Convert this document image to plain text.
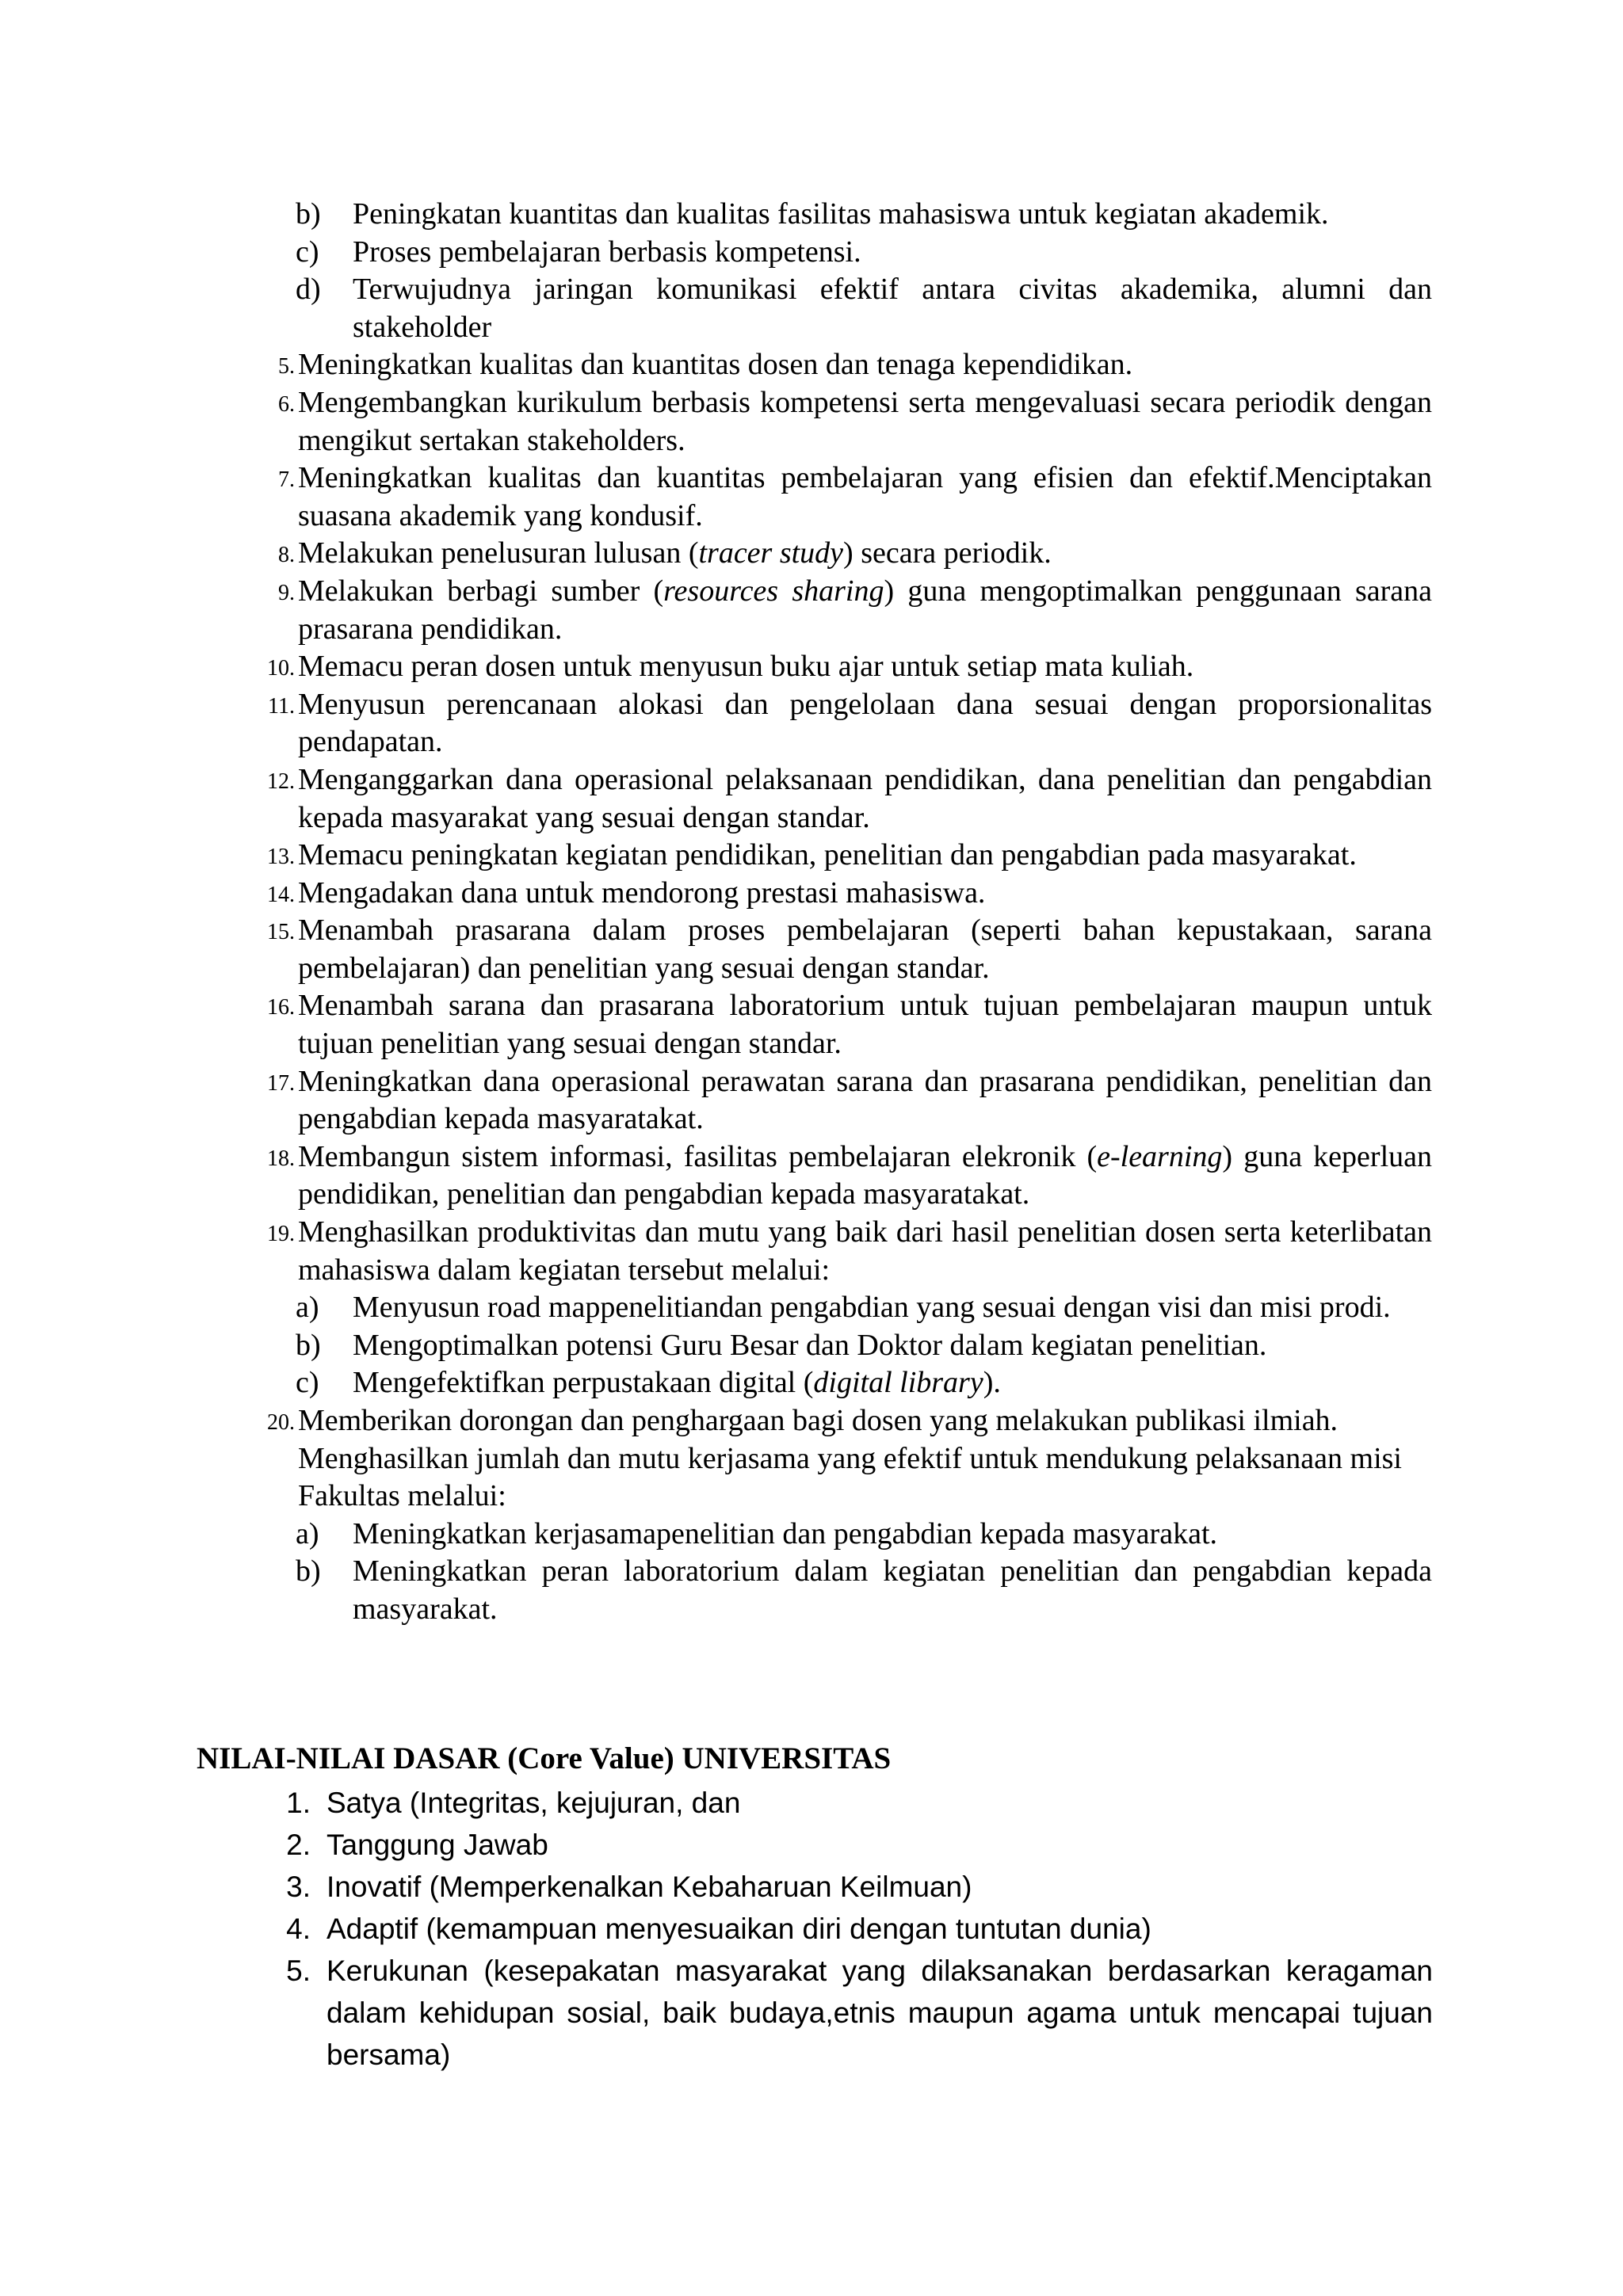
b)	Peningkatan kuantitas dan kualitas fasilitas mahasiswa untuk kegiatan akademik.
c)	Proses pembelajaran berbasis kompetensi.
d)	Terwujudnya jaringan komunikasi efektif antara civitas akademika, alumni dan stakeholder
5. Meningkatkan kualitas dan kuantitas dosen dan tenaga kependidikan.
6. Mengembangkan kurikulum berbasis kompetensi serta mengevaluasi secara periodik dengan mengikut sertakan stakeholders.
7. Meningkatkan kualitas dan kuantitas pembelajaran yang efisien dan efektif.Menciptakan suasana akademik yang kondusif.
8. Melakukan penelusuran lulusan (tracer study) secara periodik.
9. Melakukan berbagi sumber (resources sharing) guna mengoptimalkan penggunaan sarana prasarana pendidikan.
10. Memacu peran dosen untuk menyusun buku ajar untuk setiap mata kuliah.
11. Menyusun perencanaan alokasi dan pengelolaan dana sesuai dengan proporsionalitas pendapatan.
12. Menganggarkan dana operasional pelaksanaan pendidikan, dana penelitian dan pengabdian kepada masyarakat yang sesuai dengan standar.
13. Memacu peningkatan kegiatan pendidikan, penelitian dan pengabdian pada masyarakat.
14. Mengadakan dana untuk mendorong prestasi mahasiswa.
15. Menambah prasarana dalam proses pembelajaran (seperti bahan kepustakaan, sarana pembelajaran) dan penelitian yang sesuai dengan standar.
16. Menambah sarana dan prasarana laboratorium untuk tujuan pembelajaran maupun untuk tujuan penelitian yang sesuai dengan standar.
17. Meningkatkan dana operasional perawatan sarana dan prasarana pendidikan, penelitian dan pengabdian kepada masyaratakat.
18. Membangun sistem informasi, fasilitas pembelajaran elekronik (e-learning) guna keperluan pendidikan, penelitian dan pengabdian kepada masyaratakat.
19. Menghasilkan produktivitas dan mutu yang baik dari hasil penelitian dosen serta keterlibatan mahasiswa dalam kegiatan tersebut melalui:
a)	Menyusun road mappenelitiandan pengabdian yang sesuai dengan visi dan misi prodi.
b)	Mengoptimalkan potensi Guru Besar dan Doktor dalam kegiatan penelitian.
c)	Mengefektifkan perpustakaan digital (digital library).
20. Memberikan dorongan dan penghargaan bagi dosen yang melakukan publikasi ilmiah. Menghasilkan jumlah dan mutu kerjasama yang efektif untuk mendukung pelaksanaan misi Fakultas melalui:
a)	Meningkatkan kerjasamapenelitian dan pengabdian kepada masyarakat.
b)	Meningkatkan peran laboratorium dalam kegiatan penelitian dan pengabdian kepada masyarakat.
NILAI-NILAI DASAR (Core Value) UNIVERSITAS
1. Satya (Integritas, kejujuran, dan
2. Tanggung Jawab
3. Inovatif (Memperkenalkan Kebaharuan Keilmuan)
4. Adaptif (kemampuan menyesuaikan diri dengan tuntutan dunia)
5. Kerukunan (kesepakatan masyarakat yang dilaksanakan berdasarkan keragaman dalam kehidupan sosial, baik budaya,etnis maupun agama untuk mencapai tujuan bersama)
